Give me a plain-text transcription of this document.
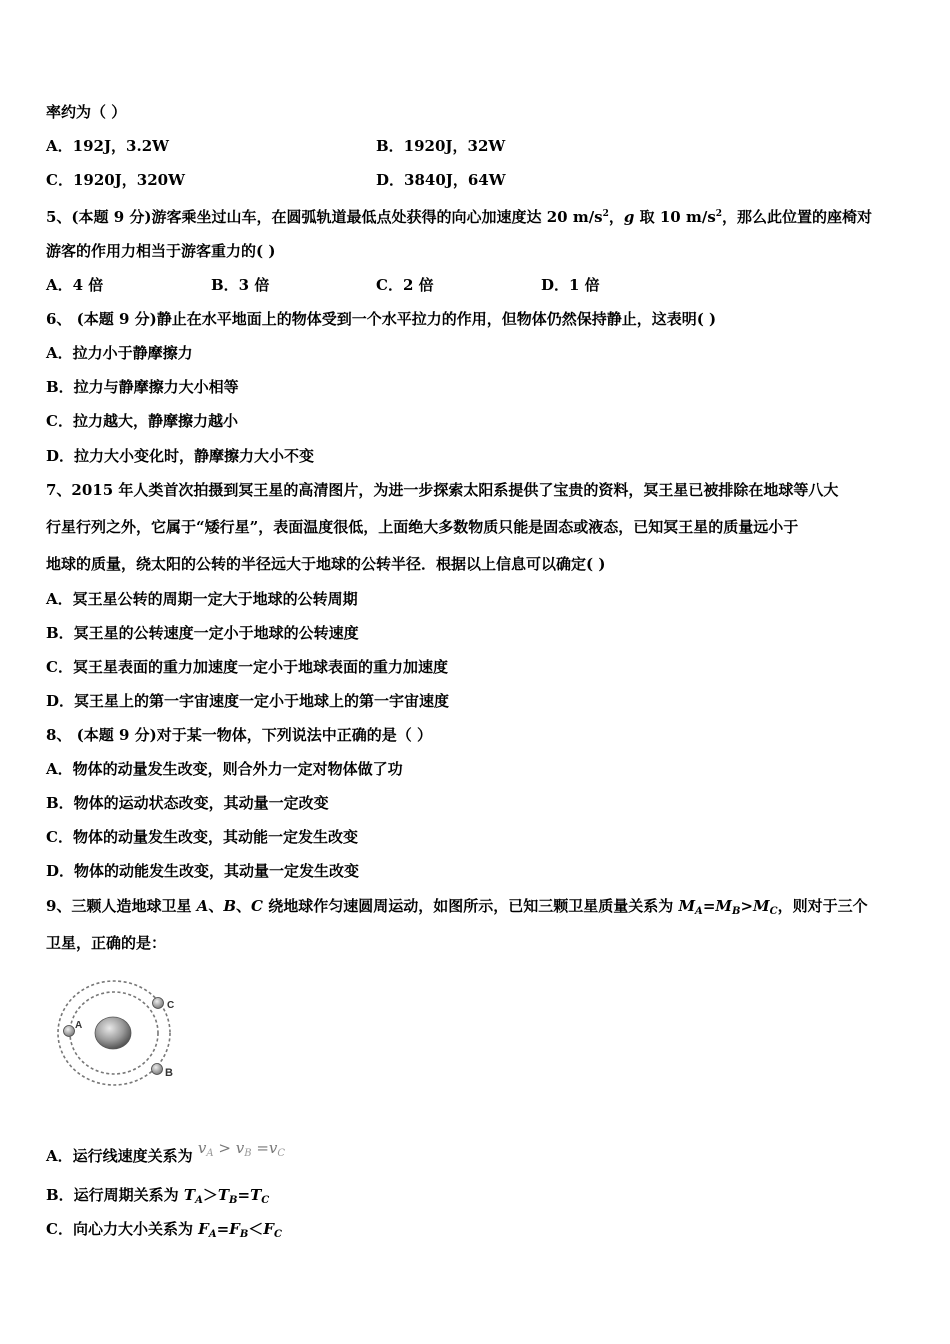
率约为（ ）
A．192J，3.2W	B．1920J，32W
C．1920J，320W	D．3840J，64W
5、(本题 9 分)游客乘坐过山车，在圆弧轨道最低点处获得的向心加速度达 20 $m/s^2$，g 取 10 $m/s^2$，那么此位置的座椅对
游客的作用力相当于游客重力的( )
A．4 倍	B．3 倍	C．2 倍	D．1 倍
6、 (本题 9 分)静止在水平地面上的物体受到一个水平拉力的作用，但物体仍然保持静止，这表明( )
A．拉力小于静摩擦力
B．拉力与静摩擦力大小相等
C．拉力越大，静摩擦力越小
D．拉力大小变化时，静摩擦力大小不变
7、2015 年人类首次拍摄到冥王星的高清图片，为进一步探索太阳系提供了宝贵的资料，冥王星已被排除在地球等八大
行星行列之外，它属于“矮行星”，表面温度很低，上面绝大多数物质只能是固态或液态，已知冥王星的质量远小于
地球的质量，绕太阳的公转的半径远大于地球的公转半径．根据以上信息可以确定( )
A．冥王星公转的周期一定大于地球的公转周期
B．冥王星的公转速度一定小于地球的公转速度
C．冥王星表面的重力加速度一定小于地球表面的重力加速度
D．冥王星上的第一宇宙速度一定小于地球上的第一宇宙速度
8、 (本题 9 分)对于某一物体，下列说法中正确的是（ ）
A．物体的动量发生改变，则合外力一定对物体做了功
B．物体的运动状态改变，其动量一定改变
C．物体的动量发生改变，其动能一定发生改变
D．物体的动能发生改变，其动量一定发生改变
9、三颗人造地球卫星 A、B、C 绕地球作匀速圆周运动，如图所示，已知三颗卫星质量关系为 $M_A=M_B>M_C$，则对于三个
卫星，正确的是：
A
C
B
A．运行线速度关系为 $v_A > v_B =v_C$
B．运行周期关系为 $T_A>T_B=T_C$
C．向心力大小关系为 $F_A=F_B<F_C$
